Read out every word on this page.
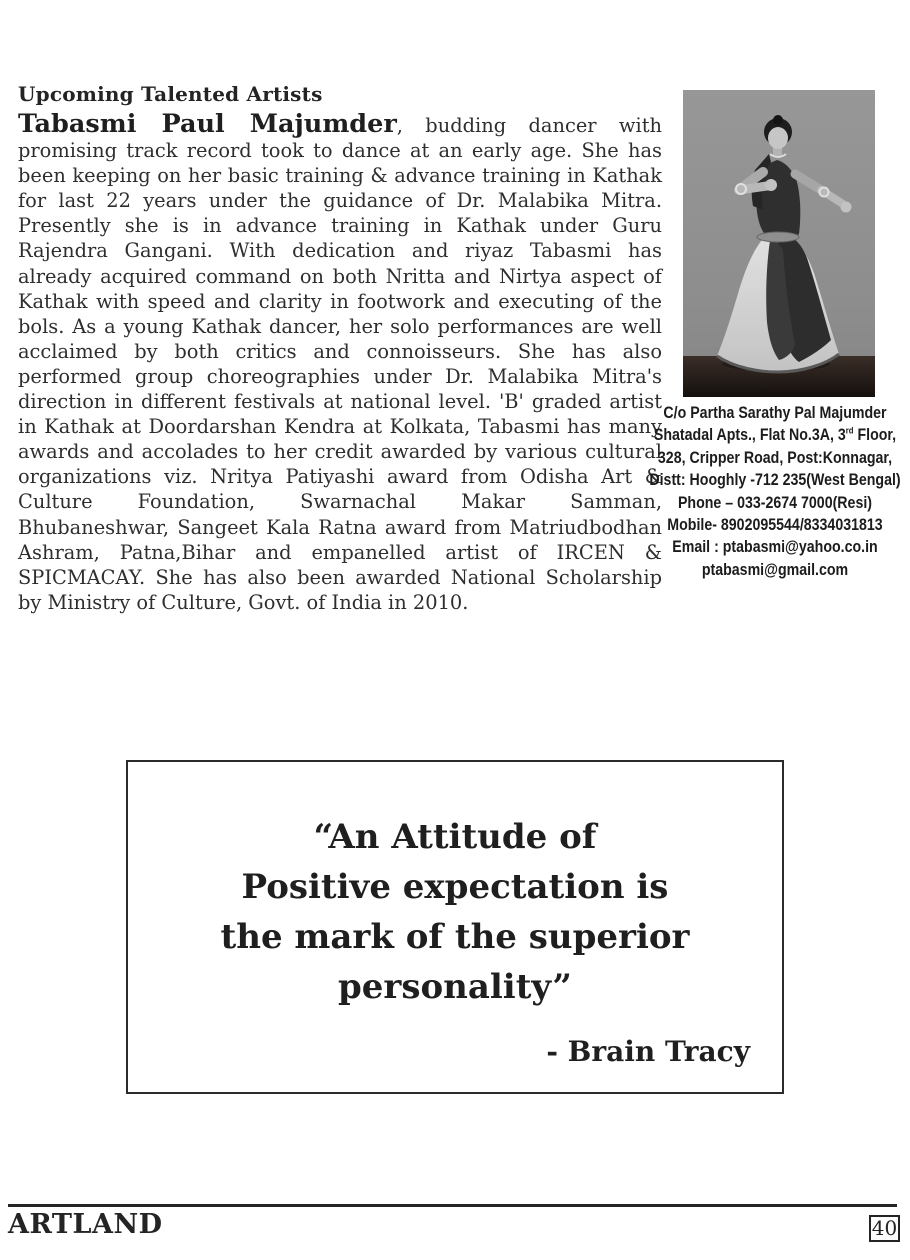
Upcoming Talented Artists
Tabasmi Paul Majumder, budding dancer with promising track record took to dance at an early age. She has been keeping on her basic training & advance training in Kathak for last 22 years under the guidance of Dr. Malabika Mitra. Presently she is in advance training in Kathak under Guru Rajendra Gangani. With dedication and riyaz Tabasmi has already acquired command on both Nritta and Nirtya aspect of Kathak with speed and clarity in footwork and executing of the bols. As a young Kathak dancer, her solo performances are well acclaimed by both critics and connoisseurs. She has also performed group choreographies under Dr. Malabika Mitra's direction in different festivals at national level. 'B' graded artist in Kathak at Doordarshan Kendra at Kolkata, Tabasmi has many awards and accolades to her credit awarded by various cultural organizations viz. Nritya Patiyashi award from Odisha Art & Culture Foundation, Swarnachal Makar Samman, Bhubaneshwar, Sangeet Kala Ratna award from Matriudbodhan Ashram, Patna,Bihar and empanelled artist of IRCEN & SPICMACAY. She has also been awarded National Scholarship by Ministry of Culture, Govt. of India in 2010.
C/o Partha Sarathy Pal Majumder
Shatadal Apts., Flat No.3A, 3rd Floor,
328, Cripper Road, Post:Konnagar,
Distt: Hooghly -712 235(West Bengal)
Phone – 033-2674 7000(Resi)
Mobile- 8902095544/8334031813
Email : ptabasmi@yahoo.co.in
ptabasmi@gmail.com
“An Attitude of
Positive expectation is
the mark of the superior
personality”
- Brain Tracy
ARTLAND	40
